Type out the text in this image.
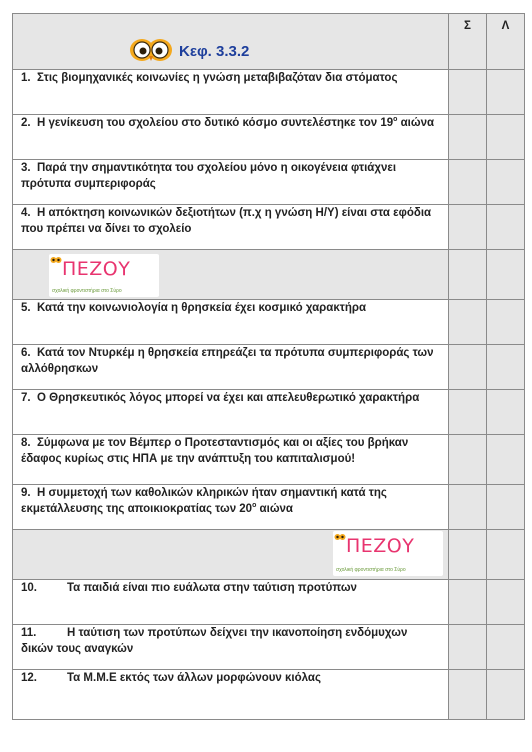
Κεφ. 3.3.2	Σ	Λ
1. Στις βιομηχανικές κοινωνίες η γνώση μεταβιβαζόταν δια στόματος		
2. Η γενίκευση του σχολείου στο δυτικό κόσμο συντελέστηκε τον $19^o$ αιώνα		
3. Παρά την σημαντικότητα του σχολείου μόνο η οικογένεια φτιάχνει πρότυπα συμπεριφοράς		
4. Η απόκτηση κοινωνικών δεξιοτήτων (π.χ η γνώση Η/Υ) είναι στα εφόδια που πρέπει να δίνει το σχολείο		

ΠΕΖΟΥ
σχολική φροντιστήρια στο Σύρο		

5. Κατά την κοινωνιολογία η θρησκεία έχει κοσμικό χαρακτήρα		
6. Κατά τον Ντυρκέμ η θρησκεία επηρεάζει τα πρότυπα συμπεριφοράς των αλλόθρησκων		
7. Ο Θρησκευτικός λόγος μπορεί να έχει και απελευθερωτικό χαρακτήρα		
8. Σύμφωνα με τον Βέμπερ ο Προτεσταντισμός και οι αξίες του βρήκαν έδαφος κυρίως στις ΗΠΑ με την ανάπτυξη του καπιταλισμού!		
9. Η συμμετοχή των καθολικών κληρικών ήταν σημαντική κατά της εκμετάλλευσης της αποικιοκρατίας των $20^o$ αιώνα		

ΠΕΖΟΥ
σχολική φροντιστήρια στο Σύρο		

10. Τα παιδιά είναι πιο ευάλωτα στην ταύτιση προτύπων		
11. Η ταύτιση των προτύπων δείχνει την ικανοποίηση ενδόμυχων δικών τους αναγκών		
12. Τα Μ.Μ.Ε εκτός των άλλων μορφώνουν κιόλας		
